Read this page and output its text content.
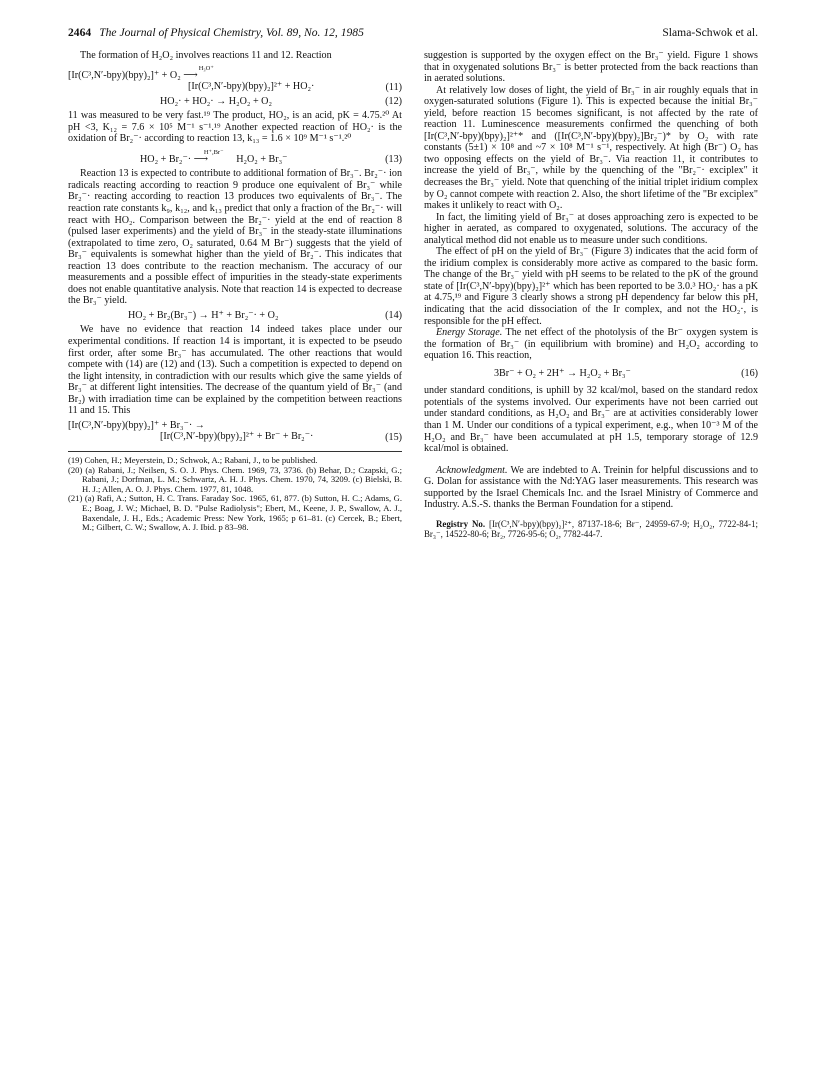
2464 The Journal of Physical Chemistry, Vol. 89, No. 12, 1985	Slama-Schwok et al.

The formation of H₂O₂ involves reactions 11 and 12. Reaction

[Ir(C³,N′-bpy)(bpy)₂]⁺ + O₂
H₃O⁺
⟶
[Ir(C³,N′-bpy)(bpy)₂]²⁺ + HO₂·	(11)
HO₂· + HO₂· → H₂O₂ + O₂	(12)

11 was measured to be very fast.¹⁹ The product, HO₂, is an acid, pK = 4.75.²⁰ At pH <3, K₁₂ = 7.6 × 10⁵ M⁻¹ s⁻¹.¹⁹ Another expected reaction of HO₂· is the oxidation of Br₂⁻· according to reaction 13, k₁₃ = 1.6 × 10⁹ M⁻¹ s⁻¹.²⁰

HO₂ + Br₂⁻·
H⁺,Br⁻
⟶	H₂O₂ + Br₃⁻	(13)

Reaction 13 is expected to contribute to additional formation of Br₃⁻. Br₂⁻· ion radicals reacting according to reaction 9 produce one equivalent of Br₃⁻ while Br₂⁻· reacting according to reaction 13 produces two equivalents of Br₃⁻. The reaction rate constants k₉, k₁₂, and k₁₃ predict that only a fraction of the Br₂⁻· will react with HO₂. Comparison between the Br₂⁻· yield at the end of reaction 8 (pulsed laser experiments) and the yield of Br₃⁻ in the steady-state illuminations (extrapolated to time zero, O₂ saturated, 0.64 M Br⁻) suggests that the yield of Br₃⁻ equivalents is somewhat higher than the yield of Br₂⁻. This indicates that reaction 13 does contribute to the reaction mechanism. The accuracy of our measurements and a possible effect of impurities in the steady-state experiments does not enable quantitative analysis. Note that reaction 14 is expected to decrease the Br₃⁻ yield.

HO₂ + Br₂(Br₃⁻) → H⁺ + Br₂⁻· + O₂	(14)

We have no evidence that reaction 14 indeed takes place under our experimental conditions. If reaction 14 is important, it is expected to be pseudo first order, after some Br₃⁻ has accumulated. The other reactions that would compete with (14) are (12) and (13). Such a competition is expected to depend on the light intensity, in contradiction with our results which give the same yields of Br₃⁻ at different light intensities. The decrease of the quantum yield of Br₃⁻ (and Br₂) with irradiation time can be explained by the competition between reactions 11 and 15. This

[Ir(C³,N′-bpy)(bpy)₂]⁺ + Br₃⁻· →
[Ir(C³,N′-bpy)(bpy)₂]²⁺ + Br⁻ + Br₂⁻·	(15)
(19) Cohen, H.; Meyerstein, D.; Schwok, A.; Rabani, J., to be published.
(20) (a) Rabani, J.; Neilsen, S. O. J. Phys. Chem. 1969, 73, 3736. (b) Behar, D.; Czapski, G.; Rabani, J.; Dorfman, L. M.; Schwartz, A. H. J. Phys. Chem. 1970, 74, 3209. (c) Bielski, B. H. J.; Allen, A. O. J. Phys. Chem. 1977, 81, 1048.
(21) (a) Rafi, A.; Sutton, H. C. Trans. Faraday Soc. 1965, 61, 877. (b) Sutton, H. C.; Adams, G. E.; Boag, J. W.; Michael, B. D. "Pulse Radiolysis"; Ebert, M., Keene, J. P., Swallow, A. J., Baxendale, J. H., Eds.; Academic Press: New York, 1965; p 61–81. (c) Cercek, B.; Ebert, M.; Gilbert, C. W.; Swallow, A. J. Ibid. p 83–98.

suggestion is supported by the oxygen effect on the Br₃⁻ yield. Figure 1 shows that in oxygenated solutions Br₃⁻ is better protected from the back reactions than in aerated solutions.

At relatively low doses of light, the yield of Br₃⁻ in air roughly equals that in oxygen-saturated solutions (Figure 1). This is expected because the initial Br₃⁻ yield, before reaction 15 becomes significant, is not affected by the rate of reaction 11. Luminescence measurements confirmed the quenching of both [Ir(C³,N′-bpy)(bpy)₂]²⁺* and ([Ir(C³,N′-bpy)(bpy)₂]Br₂⁻)* by O₂ with rate constants (5±1) × 10⁸ and ~7 × 10⁸ M⁻¹ s⁻¹, respectively. At high (Br⁻) O₂ has two opposing effects on the yield of Br₃⁻. Via reaction 11, it contributes to increase the yield of Br₃⁻, while by the quenching of the "Br₂⁻· exciplex" it decreases the Br₃⁻ yield. Note that quenching of the initial triplet iridium complex by O₂ cannot compete with reaction 2. Also, the short lifetime of the "Br exciplex" makes it unlikely to react with O₂.

In fact, the limiting yield of Br₃⁻ at doses approaching zero is expected to be higher in aerated, as compared to oxygenated, solutions. The accuracy of the analytical method did not enable us to measure under such conditions.

The effect of pH on the yield of Br₃⁻ (Figure 3) indicates that the acid form of the iridium complex is considerably more active as compared to the basic form. The change of the Br₃⁻ yield with pH seems to be related to the pK of the ground state of [Ir(C³,N′-bpy)(bpy)₂]²⁺ which has been reported to be 3.0.³ HO₂· has a pK at 4.75,¹⁹ and Figure 3 clearly shows a strong pH dependency far below this pH, indicating that the acid dissociation of the Ir complex, and not the HO₂·, is responsible for the pH effect.

Energy Storage. The net effect of the photolysis of the Br⁻ oxygen system is the formation of Br₃⁻ (in equilibrium with bromine) and H₂O₂ according to equation 16. This reaction,

3Br⁻ + O₂ + 2H⁺ → H₂O₂ + Br₃⁻	(16)

under standard conditions, is uphill by 32 kcal/mol, based on the standard redox potentials of the systems involved. Our experiments have not been carried out under standard conditions, as H₂O₂ and Br₃⁻ are at activities considerably lower than 1 M. Under our conditions of a typical experiment, e.g., when 10⁻³ M of the H₂O₂ and Br₃⁻ have been accumulated at pH 1.5, temporary storage of 12.9 kcal/mol is obtained.

Acknowledgment. We are indebted to A. Treinin for helpful discussions and to G. Dolan for assistance with the Nd:YAG laser measurements. This research was supported by the Israel Chemicals Inc. and the Israel Ministry of Commerce and Industry. A.S.-S. thanks the Berman Foundation for a stipend.

Registry No. [Ir(C³,N′-bpy)(bpy)₂]²⁺, 87137-18-6; Br⁻, 24959-67-9; H₂O₂, 7722-84-1; Br₃⁻, 14522-80-6; Br₂, 7726-95-6; O₂, 7782-44-7.
